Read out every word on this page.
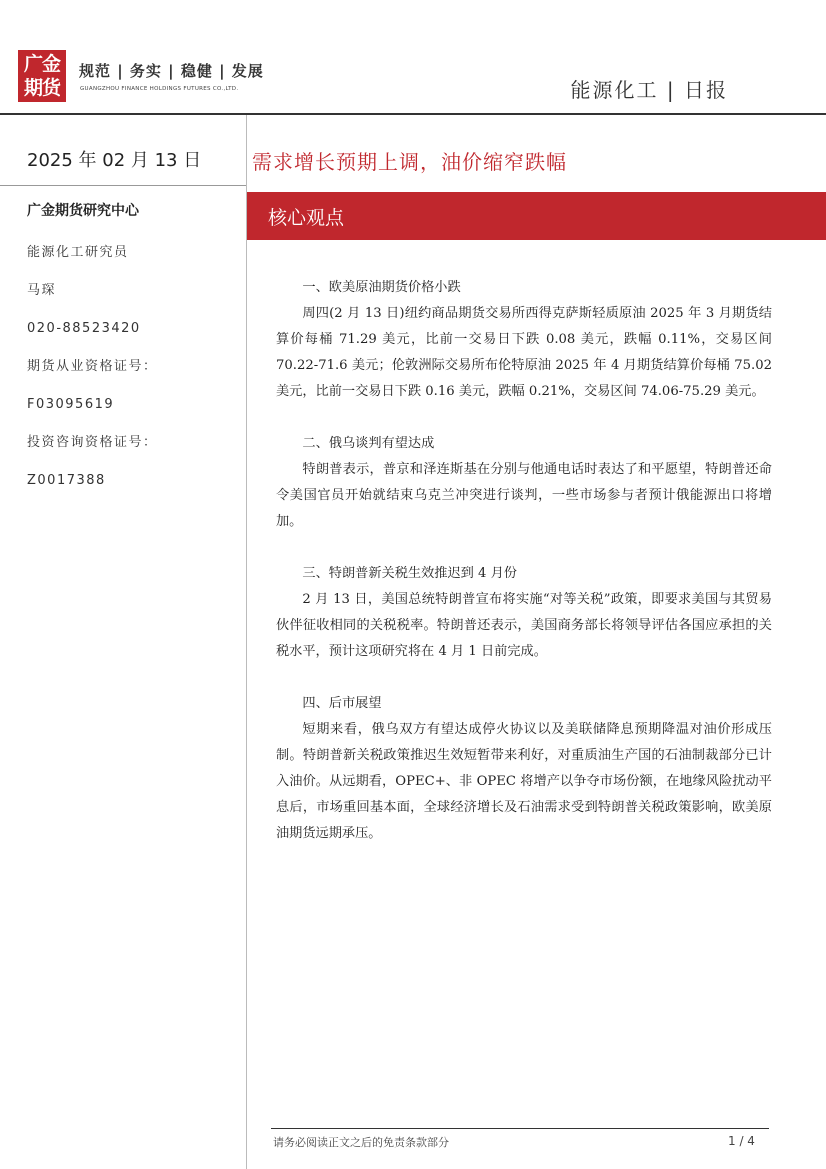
广金
期货
规范 | 务实 | 稳健 | 发展
GUANGZHOU FINANCE HOLDINGS FUTURES CO.,LTD.	能源化工 | 日报
2025 年 02 月 13 日
广金期货研究中心
能源化工研究员
马琛
020-88523420
期货从业资格证号：
F03095619
投资咨询资格证号：
Z0017388
需求增长预期上调，油价缩窄跌幅
核心观点

一、欧美原油期货价格小跌

周四(2 月 13 日)纽约商品期货交易所西得克萨斯轻质原油 2025 年 3 月期货结算价每桶 71.29 美元，比前一交易日下跌 0.08 美元，跌幅 0.11%，交易区间 70.22-71.6 美元；伦敦洲际交易所布伦特原油 2025 年 4 月期货结算价每桶 75.02 美元，比前一交易日下跌 0.16 美元，跌幅 0.21%，交易区间 74.06-75.29 美元。

二、俄乌谈判有望达成

特朗普表示，普京和泽连斯基在分别与他通电话时表达了和平愿望，特朗普还命令美国官员开始就结束乌克兰冲突进行谈判，一些市场参与者预计俄能源出口将增加。

三、特朗普新关税生效推迟到 4 月份

2 月 13 日，美国总统特朗普宣布将实施“对等关税”政策，即要求美国与其贸易伙伴征收相同的关税税率。特朗普还表示，美国商务部长将领导评估各国应承担的关税水平，预计这项研究将在 4 月 1 日前完成。

四、后市展望

短期来看，俄乌双方有望达成停火协议以及美联储降息预期降温对油价形成压制。特朗普新关税政策推迟生效短暂带来利好，对重质油生产国的石油制裁部分已计入油价。从远期看，OPEC+、非 OPEC 将增产以争夺市场份额，在地缘风险扰动平息后，市场重回基本面，全球经济增长及石油需求受到特朗普关税政策影响，欧美原油期货远期承压。

请务必阅读正文之后的免责条款部分	1 / 4
